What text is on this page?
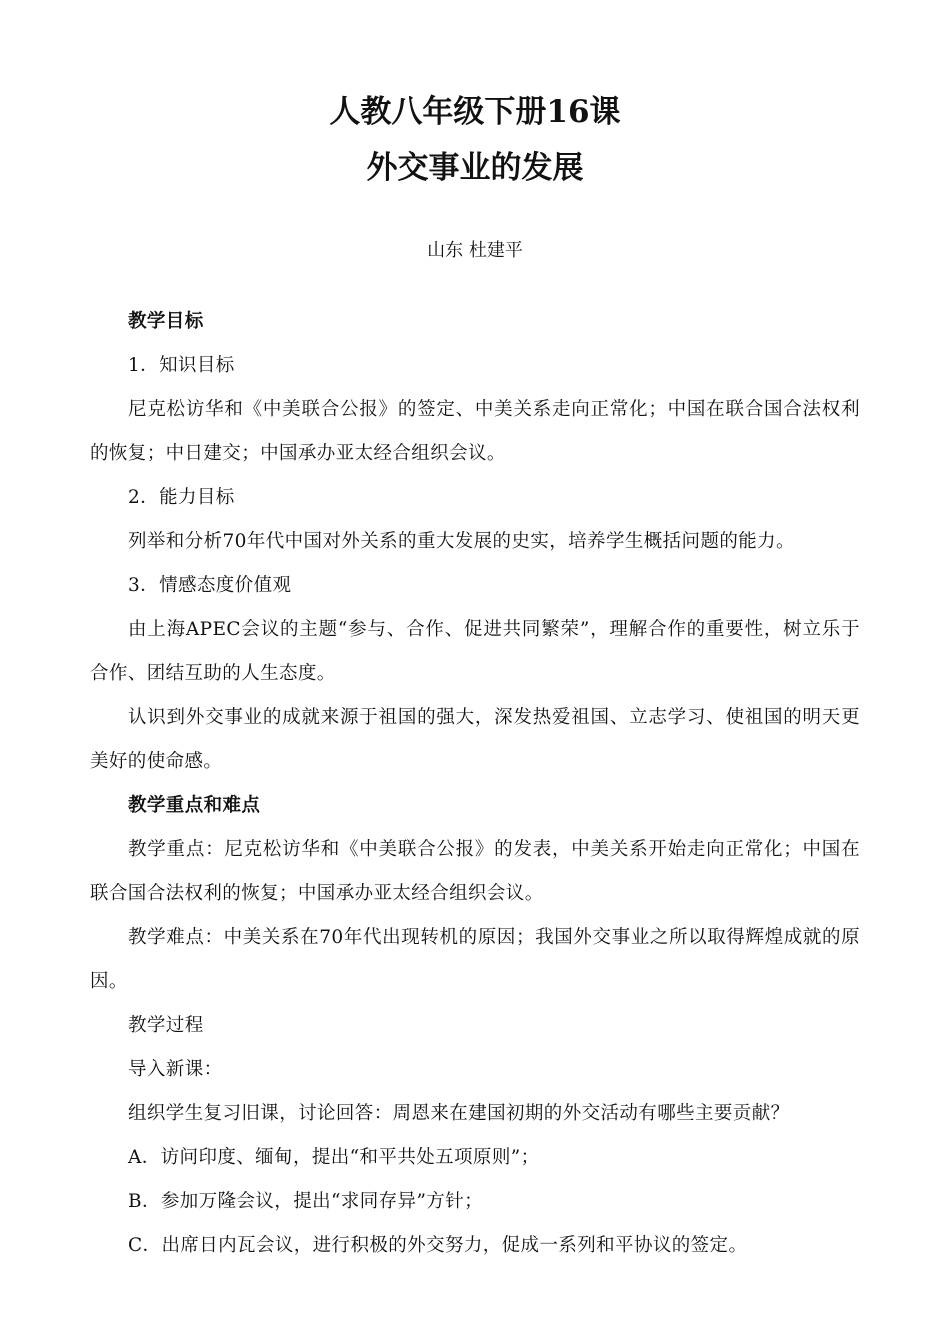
人教八年级下册16课
外交事业的发展
山东 杜建平

教学目标

1．知识目标

尼克松访华和《中美联合公报》的签定、中美关系走向正常化；中国在联合国合法权利的恢复；中日建交；中国承办亚太经合组织会议。

2．能力目标

列举和分析70年代中国对外关系的重大发展的史实，培养学生概括问题的能力。

3．情感态度价值观

由上海APEC会议的主题“参与、合作、促进共同繁荣”，理解合作的重要性，树立乐于合作、团结互助的人生态度。

认识到外交事业的成就来源于祖国的强大，深发热爱祖国、立志学习、使祖国的明天更美好的使命感。

教学重点和难点

教学重点：尼克松访华和《中美联合公报》的发表，中美关系开始走向正常化；中国在联合国合法权利的恢复；中国承办亚太经合组织会议。

教学难点：中美关系在70年代出现转机的原因；我国外交事业之所以取得辉煌成就的原因。

教学过程

导入新课：

组织学生复习旧课，讨论回答：周恩来在建国初期的外交活动有哪些主要贡献？

A．访问印度、缅甸，提出“和平共处五项原则”；

B．参加万隆会议，提出“求同存异”方针；

C．出席日内瓦会议，进行积极的外交努力，促成一系列和平协议的签定。
